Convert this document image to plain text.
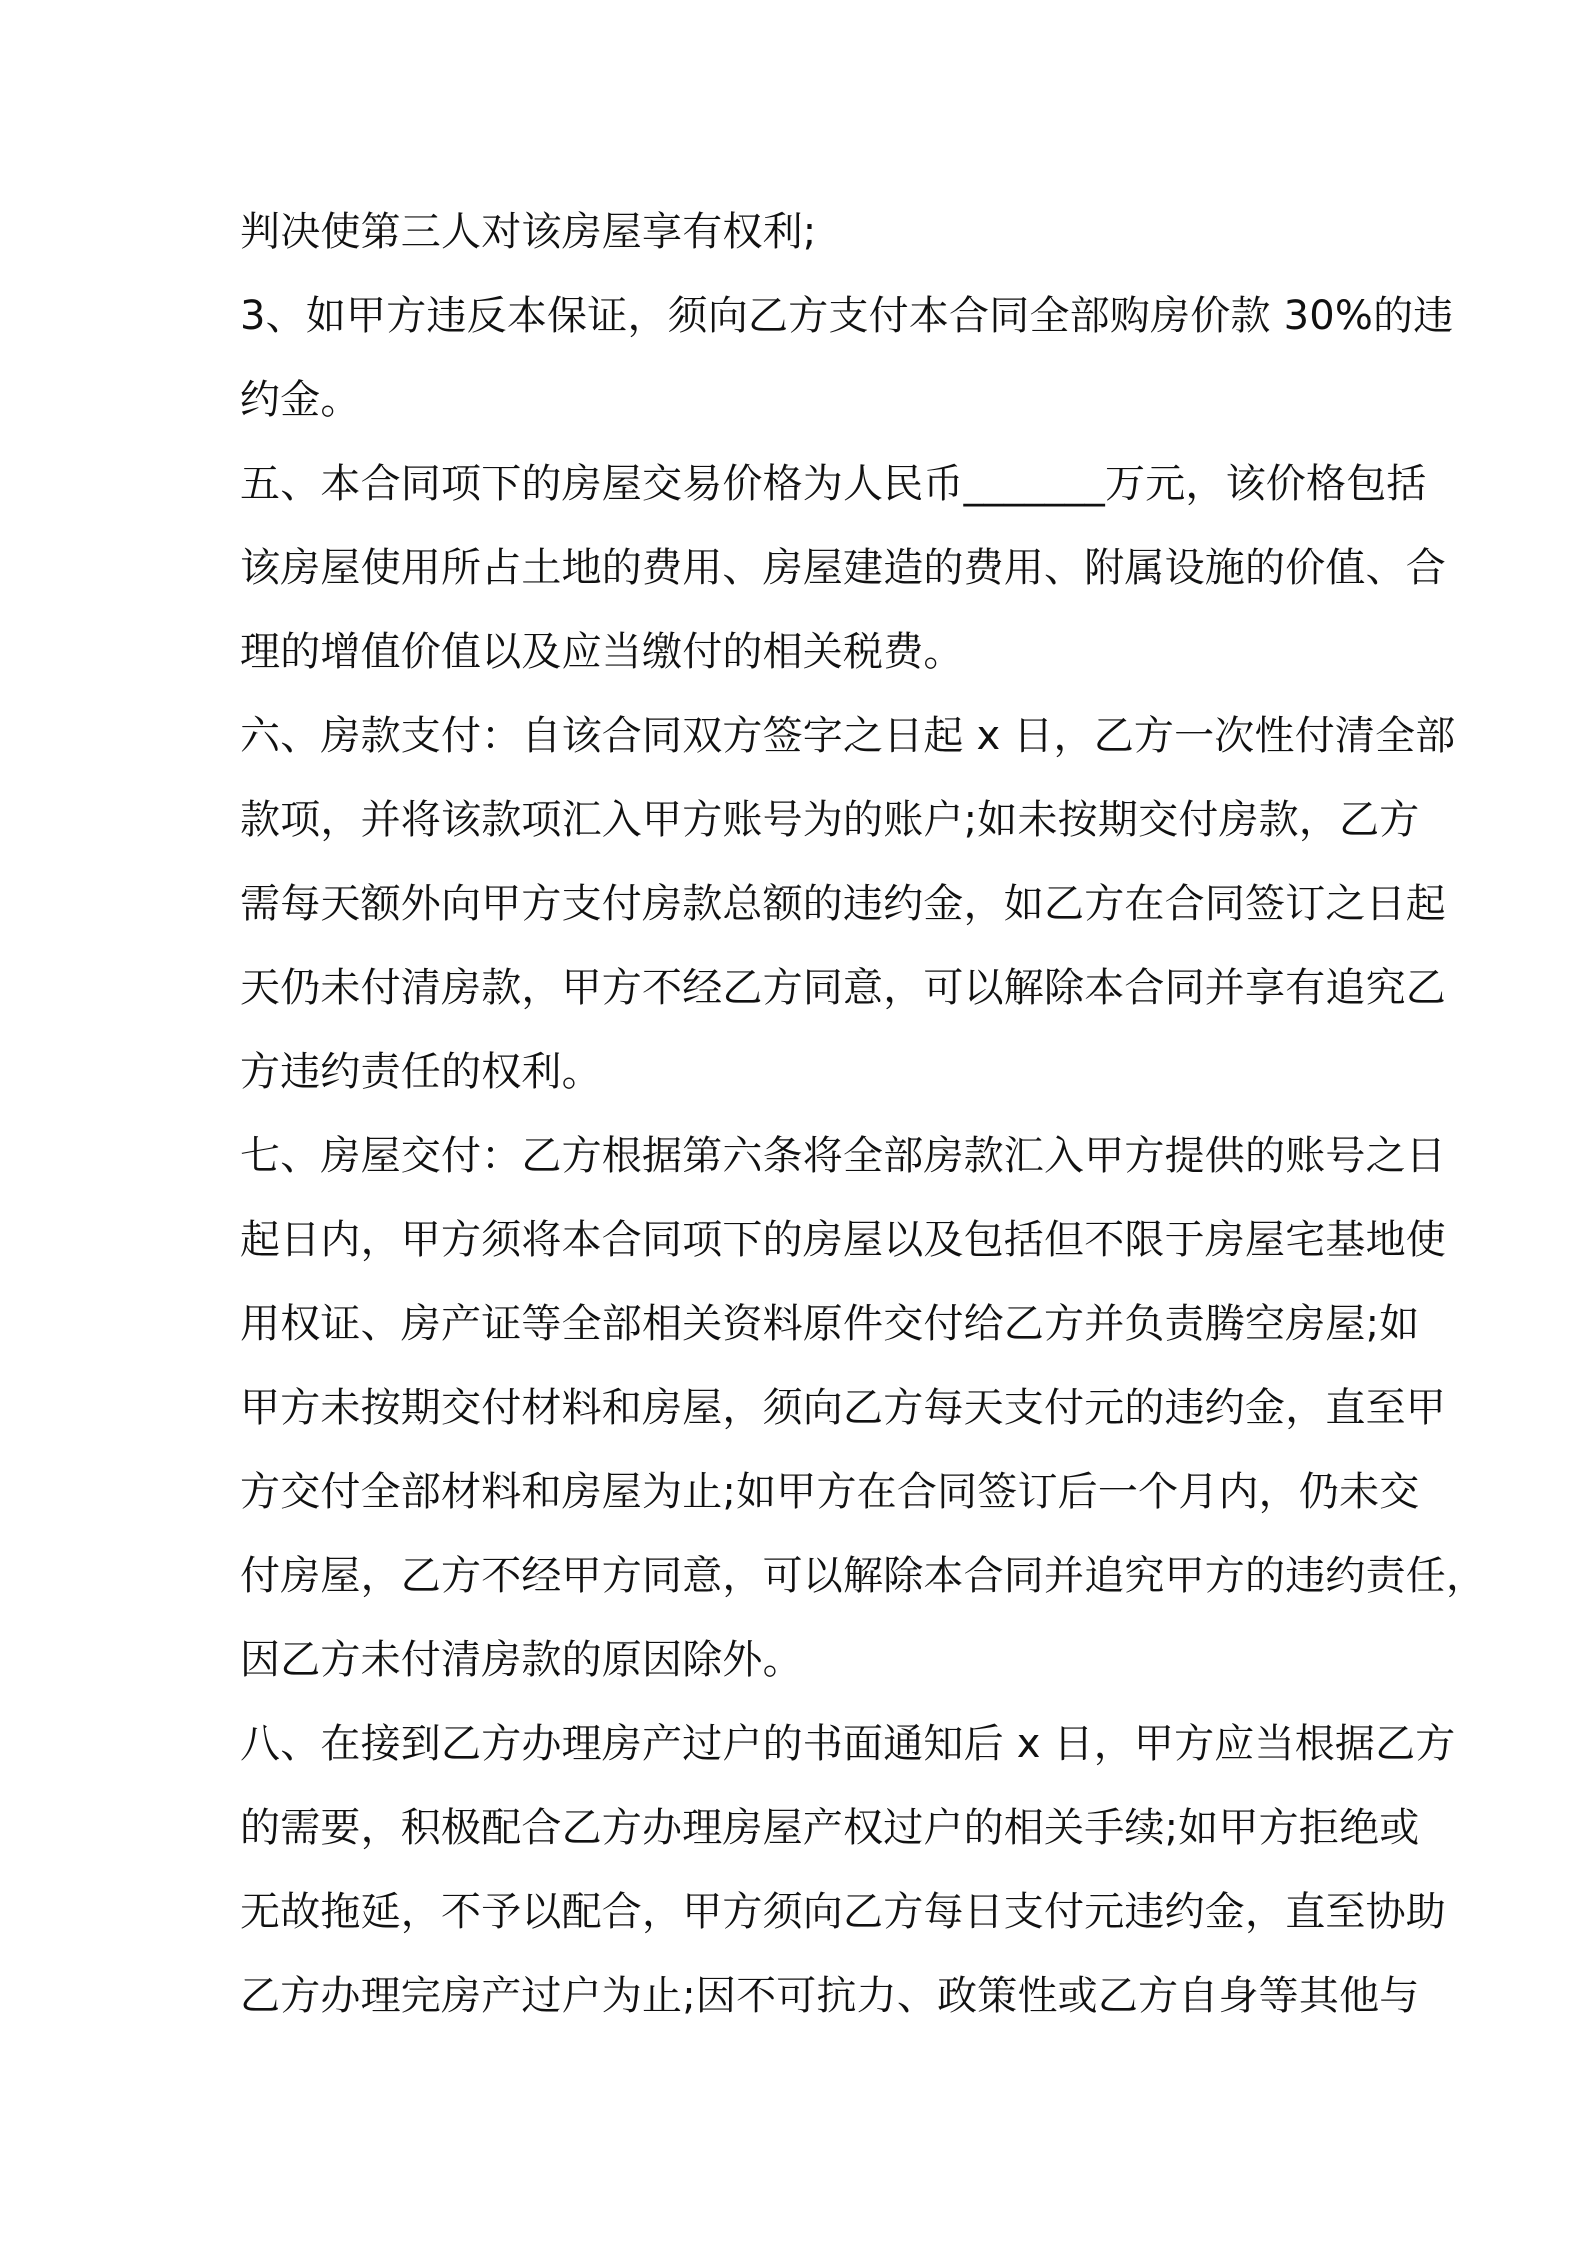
判决使第三人对该房屋享有权利;
3、如甲方违反本保证，须向乙方支付本合同全部购房价款 30%的违
约金。
五、本合同项下的房屋交易价格为人民币_______万元，该价格包括
该房屋使用所占土地的费用、房屋建造的费用、附属设施的价值、合
理的增值价值以及应当缴付的相关税费。
六、房款支付：自该合同双方签字之日起 x 日，乙方一次性付清全部
款项，并将该款项汇入甲方账号为的账户;如未按期交付房款，乙方
需每天额外向甲方支付房款总额的违约金，如乙方在合同签订之日起
天仍未付清房款，甲方不经乙方同意，可以解除本合同并享有追究乙
方违约责任的权利。
七、房屋交付：乙方根据第六条将全部房款汇入甲方提供的账号之日
起日内，甲方须将本合同项下的房屋以及包括但不限于房屋宅基地使
用权证、房产证等全部相关资料原件交付给乙方并负责腾空房屋;如
甲方未按期交付材料和房屋，须向乙方每天支付元的违约金，直至甲
方交付全部材料和房屋为止;如甲方在合同签订后一个月内，仍未交
付房屋，乙方不经甲方同意，可以解除本合同并追究甲方的违约责任，
因乙方未付清房款的原因除外。
八、在接到乙方办理房产过户的书面通知后 x 日，甲方应当根据乙方
的需要，积极配合乙方办理房屋产权过户的相关手续;如甲方拒绝或
无故拖延，不予以配合，甲方须向乙方每日支付元违约金，直至协助
乙方办理完房产过户为止;因不可抗力、政策性或乙方自身等其他与
